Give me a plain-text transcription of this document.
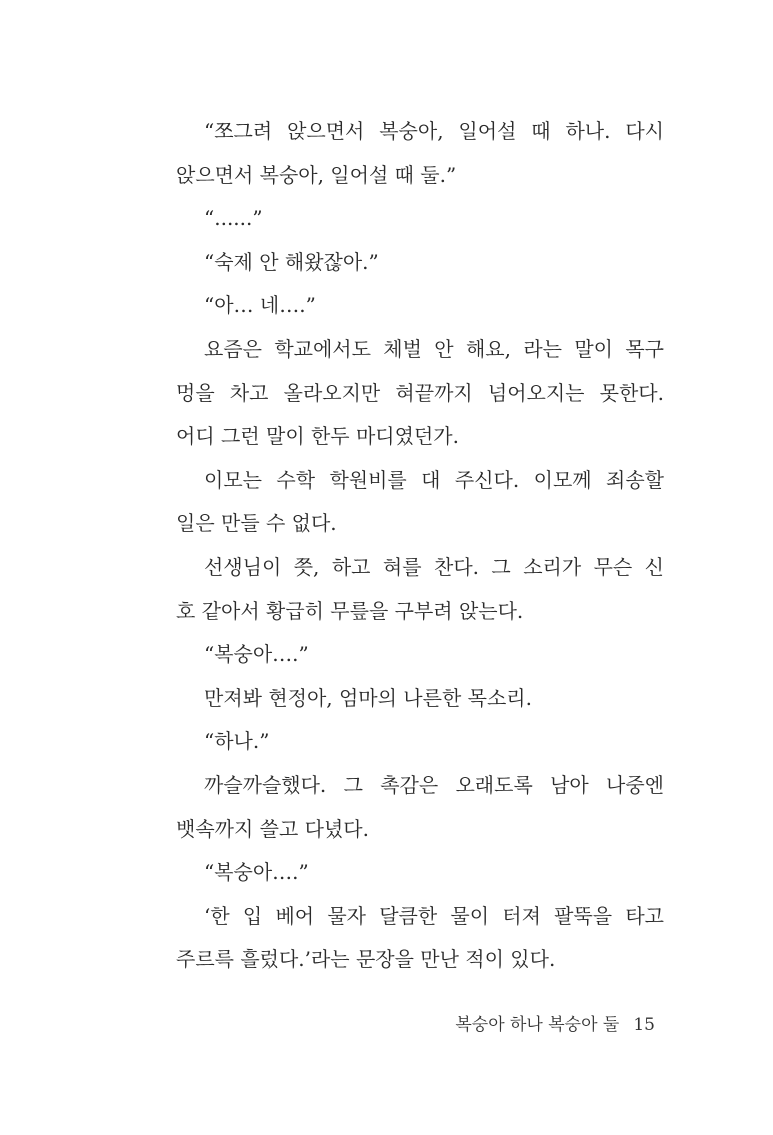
“쪼그려 앉으면서 복숭아, 일어설 때 하나. 다시
앉으면서 복숭아, 일어설 때 둘.”
“......”
“숙제 안 해왔잖아.”
“아… 네….”
요즘은 학교에서도 체벌 안 해요, 라는 말이 목구
멍을 차고 올라오지만 혀끝까지 넘어오지는 못한다.
어디 그런 말이 한두 마디였던가.
이모는 수학 학원비를 대 주신다. 이모께 죄송할
일은 만들 수 없다.
선생님이 쯧, 하고 혀를 찬다. 그 소리가 무슨 신
호 같아서 황급히 무릎을 구부려 앉는다.
“복숭아….”
만져봐 현정아, 엄마의 나른한 목소리.
“하나.”
까슬까슬했다. 그 촉감은 오래도록 남아 나중엔
뱃속까지 쓸고 다녔다.
“복숭아….”
‘한 입 베어 물자 달큼한 물이 터져 팔뚝을 타고
주르륵 흘렀다.’라는 문장을 만난 적이 있다.
복숭아 하나 복숭아 둘 15
